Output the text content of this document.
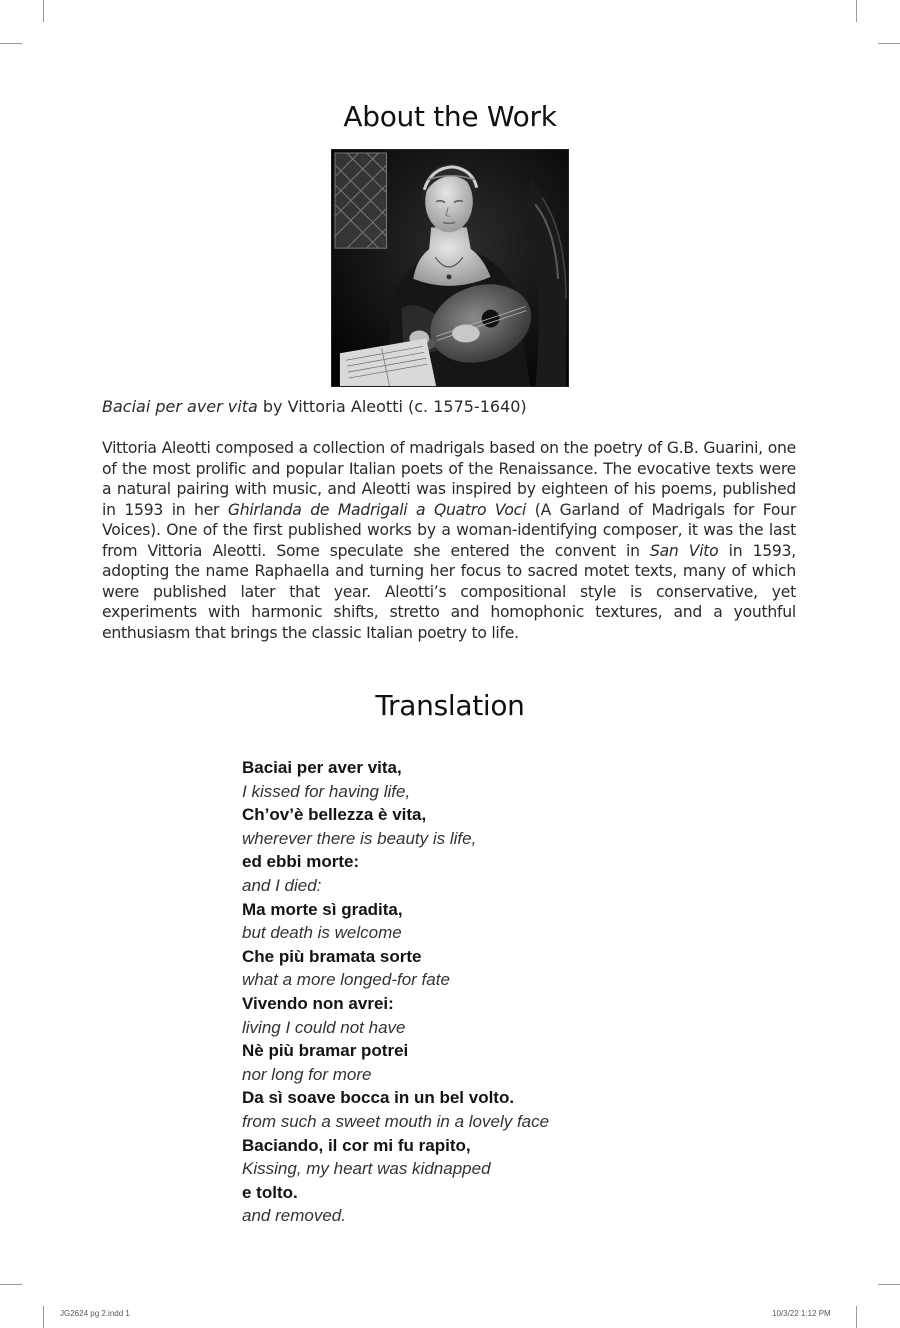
About the Work
Baciai per aver vita by Vittoria Aleotti (c. 1575-1640)

Vittoria Aleotti composed a collection of madrigals based on the poetry of G.B. Guarini, one of the most prolific and popular Italian poets of the Renaissance. The evocative texts were a natural pairing with music, and Aleotti was inspired by eighteen of his poems, published in 1593 in her Ghirlanda de Madrigali a Quatro Voci (A Garland of Madrigals for Four Voices). One of the first published works by a woman-identifying composer, it was the last from Vittoria Aleotti. Some speculate she entered the convent in San Vito in 1593, adopting the name Raphaella and turning her focus to sacred motet texts, many of which were published later that year. Aleotti’s compositional style is conservative, yet experiments with harmonic shifts, stretto and homophonic textures, and a youthful enthusiasm that brings the classic Italian poetry to life.

Translation
Baciai per aver vita,
I kissed for having life,
Ch’ov’è bellezza è vita,
wherever there is beauty is life,
ed ebbi morte:
and I died:
Ma morte sì gradita,
but death is welcome
Che più bramata sorte
what a more longed-for fate
Vivendo non avrei:
living I could not have
Nè più bramar potrei
nor long for more
Da sì soave bocca in un bel volto.
from such a sweet mouth in a lovely face
Baciando, il cor mi fu rapito,
Kissing, my heart was kidnapped
e tolto.
and removed.
JG2624 pg 2.indd 1	10/3/22 1:12 PM
